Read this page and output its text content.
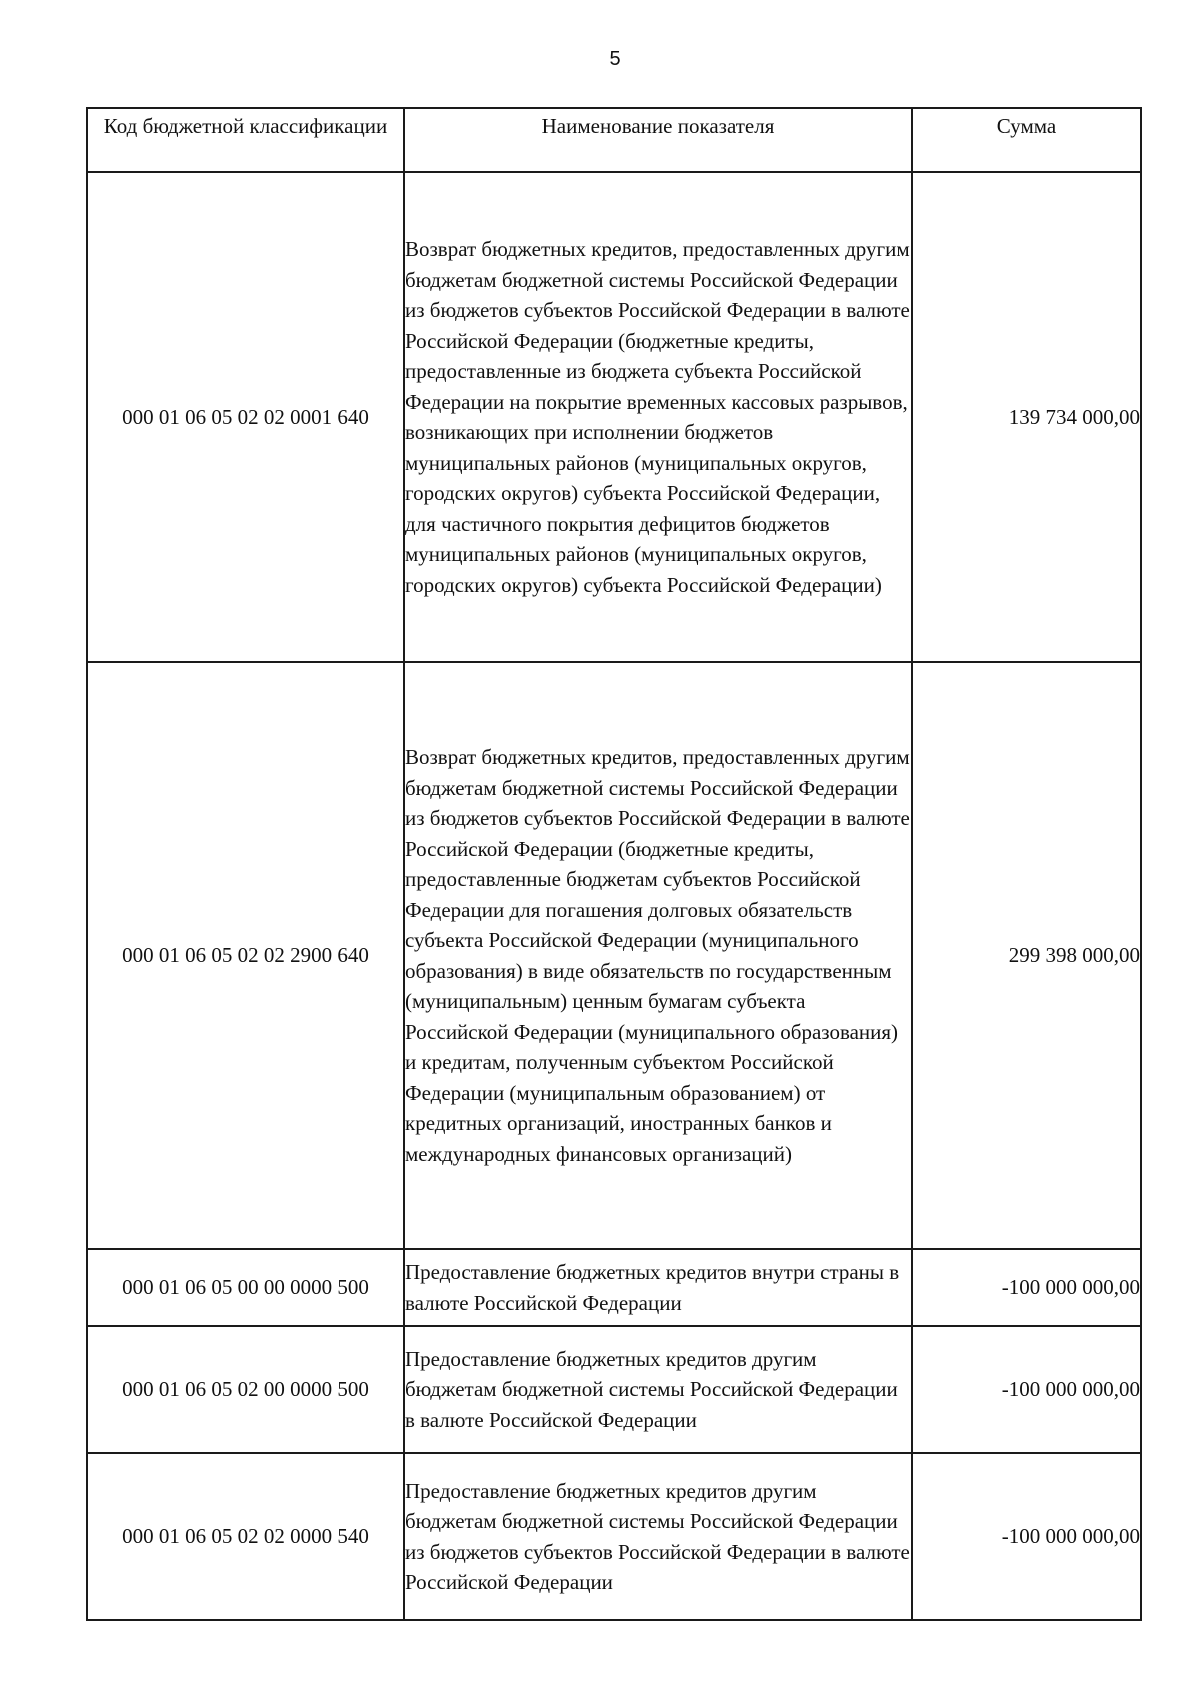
5
Код бюджетной классификации	Наименование показателя	Сумма
000 01 06 05 02 02 0001 640	Возврат бюджетных кредитов, предоставленных другим бюджетам бюджетной системы Российской Федерации из бюджетов субъектов Российской Федерации в валюте Российской Федерации (бюджетные кредиты, предоставленные из бюджета субъекта Российской Федерации на покрытие временных кассовых разрывов, возникающих при исполнении бюджетов муниципальных районов (муниципальных округов, городских округов) субъекта Российской Федерации, для частичного покрытия дефицитов бюджетов муниципальных районов (муниципальных округов, городских округов) субъекта Российской Федерации)	139 734 000,00
000 01 06 05 02 02 2900 640	Возврат бюджетных кредитов, предоставленных другим бюджетам бюджетной системы Российской Федерации из бюджетов субъектов Российской Федерации в валюте Российской Федерации (бюджетные кредиты, предоставленные бюджетам субъектов Российской Федерации для погашения долговых обязательств субъекта Российской Федерации (муниципального образования) в виде обязательств по государственным (муниципальным) ценным бумагам субъекта Российской Федерации (муниципального образования) и кредитам, полученным субъектом Российской Федерации (муниципальным образованием) от кредитных организаций, иностранных банков и международных финансовых организаций)	299 398 000,00
000 01 06 05 00 00 0000 500	Предоставление бюджетных кредитов внутри страны в валюте Российской Федерации	-100 000 000,00
000 01 06 05 02 00 0000 500	Предоставление бюджетных кредитов другим бюджетам бюджетной системы Российской Федерации в валюте Российской Федерации	-100 000 000,00
000 01 06 05 02 02 0000 540	Предоставление бюджетных кредитов другим бюджетам бюджетной системы Российской Федерации из бюджетов субъектов Российской Федерации в валюте Российской Федерации	-100 000 000,00
